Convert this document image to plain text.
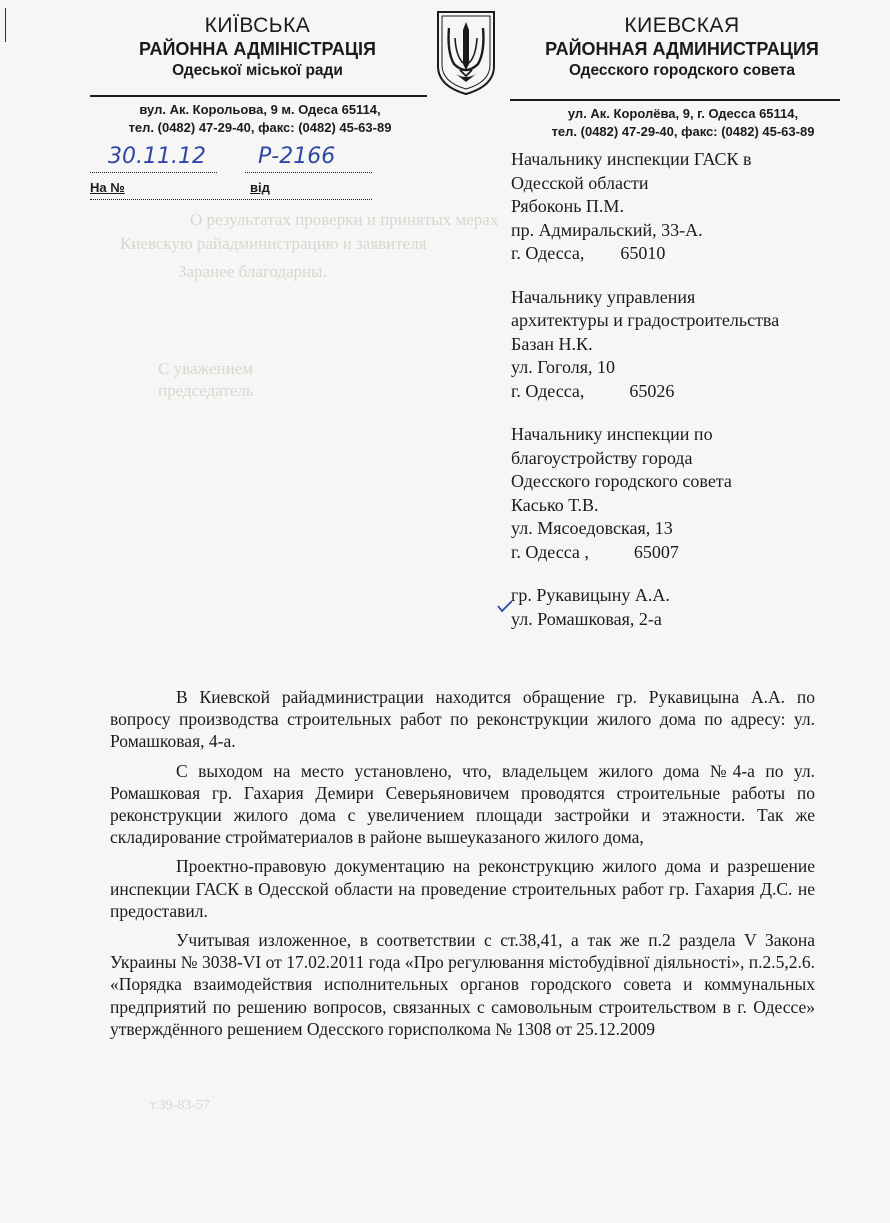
О результатах проверки и принятых мерах
Киевскую райадминистрацию и заявителя
Заранее благодарны.
С уважением
председатель
КИЇВСЬКА
РАЙОННА АДМІНІСТРАЦІЯ
Одеської міської ради
КИЕВСКАЯ
РАЙОННАЯ АДМИНИСТРАЦИЯ
Одесского городского совета
вул. Ак. Корольова, 9 м. Одеса 65114,
тел. (0482) 47-29-40, факс: (0482) 45-63-89
ул. Ак. Королёва, 9, г. Одесса 65114,
тел. (0482) 47-29-40, факс: (0482) 45-63-89
30.11.12 Р-2166
На №	від
Начальнику инспекции ГАСК в
Одесской области
Рябоконь П.М.
пр. Адмиральский, 33-А.
г. Одесса,        65010
Начальнику управления
архитектуры и градостроительства
Базан Н.К.
ул. Гоголя, 10
г. Одесса,          65026
Начальнику инспекции по
благоустройству города
Одесского городского совета
Касько Т.В.
ул. Мясоедовская, 13
г. Одесса ,          65007
гр. Рукавицыну А.А.
ул. Ромашковая, 2-а

В Киевской райадминистрации находится обращение гр. Рукавицына А.А. по вопросу производства строительных работ по реконструкции жилого дома по адресу: ул. Ромашковая, 4-а.

С выходом на место установлено, что, владельцем жилого дома №4-а по ул. Ромашковая гр. Гахария Демири Северьяновичем проводятся строительные работы по реконструкции жилого дома с увеличением площади застройки и этажности. Так же складирование стройматериалов в районе вышеуказаного жилого дома,

Проектно-правовую документацию на реконструкцию жилого дома и разрешение инспекции ГАСК в Одесской области на проведение строительных работ гр. Гахария Д.С. не предоставил.

Учитывая изложенное, в соответствии с ст.38,41, а так же п.2 раздела V Закона Украины № 3038-VI от 17.02.2011 года «Про регулювання містобудівної діяльності», п.2.5,2.6. «Порядка взаимодействия исполнительных органов городского совета и коммунальных предприятий по решению вопросов, связанных с самовольным строительством в г. Одессе» утверждённого решением Одесского горисполкома № 1308 от 25.12.2009

т.39-83-57
